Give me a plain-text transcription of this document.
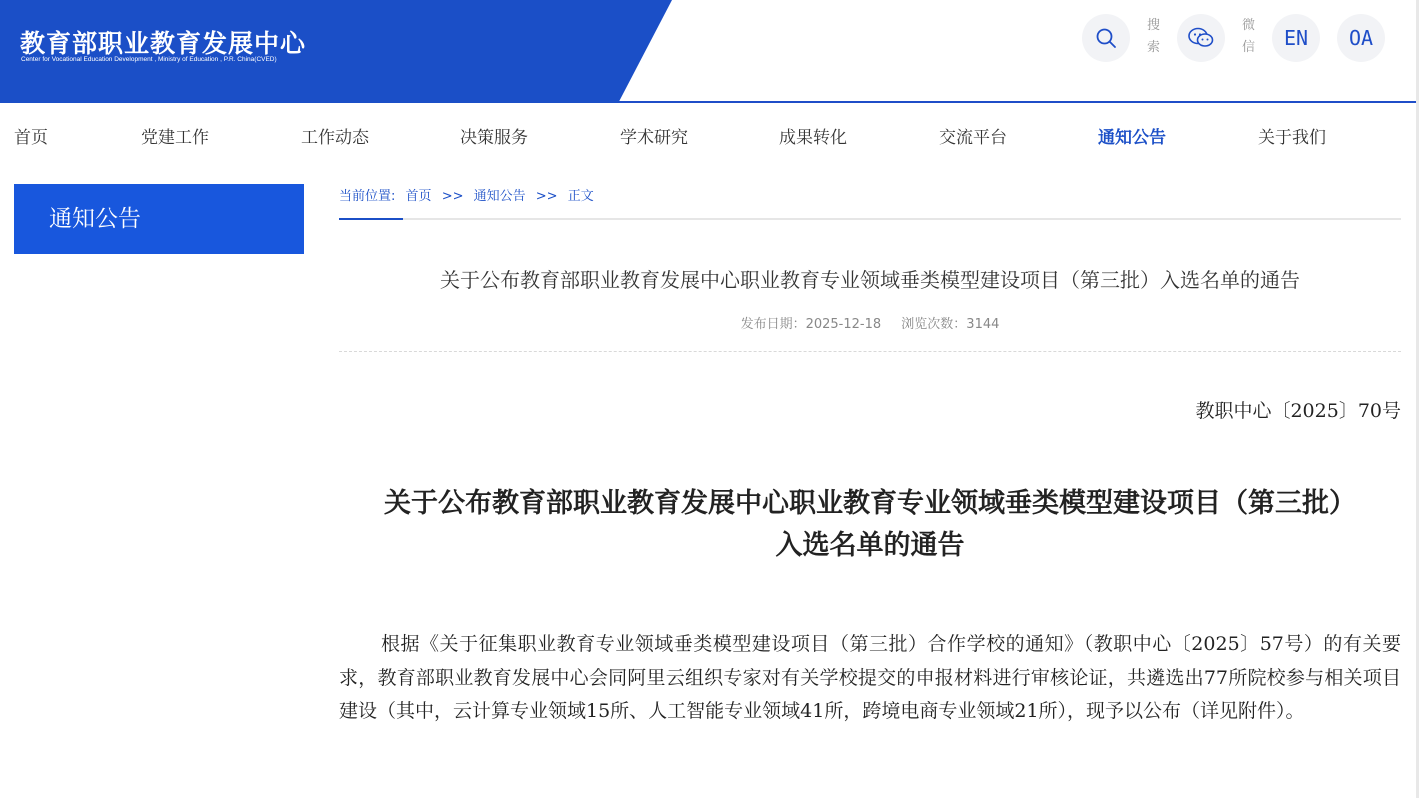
教育部职业教育发展中心
Center for Vocational Education Development , Ministry of Education , P.R. China(CVED)
搜索
微信	EN	OA
首页	党建工作	工作动态	决策服务	学术研究	成果转化	交流平台	通知公告	关于我们
通知公告
当前位置: 首页 >> 通知公告 >> 正文
关于公布教育部职业教育发展中心职业教育专业领域垂类模型建设项目（第三批）入选名单的通告
发布日期：2025-12-18 浏览次数：3144
教职中心〔2025〕70号
关于公布教育部职业教育发展中心职业教育专业领域垂类模型建设项目（第三批）
入选名单的通告
根据《关于征集职业教育专业领域垂类模型建设项目（第三批）合作学校的通知》（教职中心〔2025〕57号）的有关要求，教育部职业教育发展中心会同阿里云组织专家对有关学校提交的申报材料进行审核论证，共遴选出77所院校参与相关项目建设（其中，云计算专业领域15所、人工智能专业领域41所，跨境电商专业领域21所），现予以公布（详见附件）。
